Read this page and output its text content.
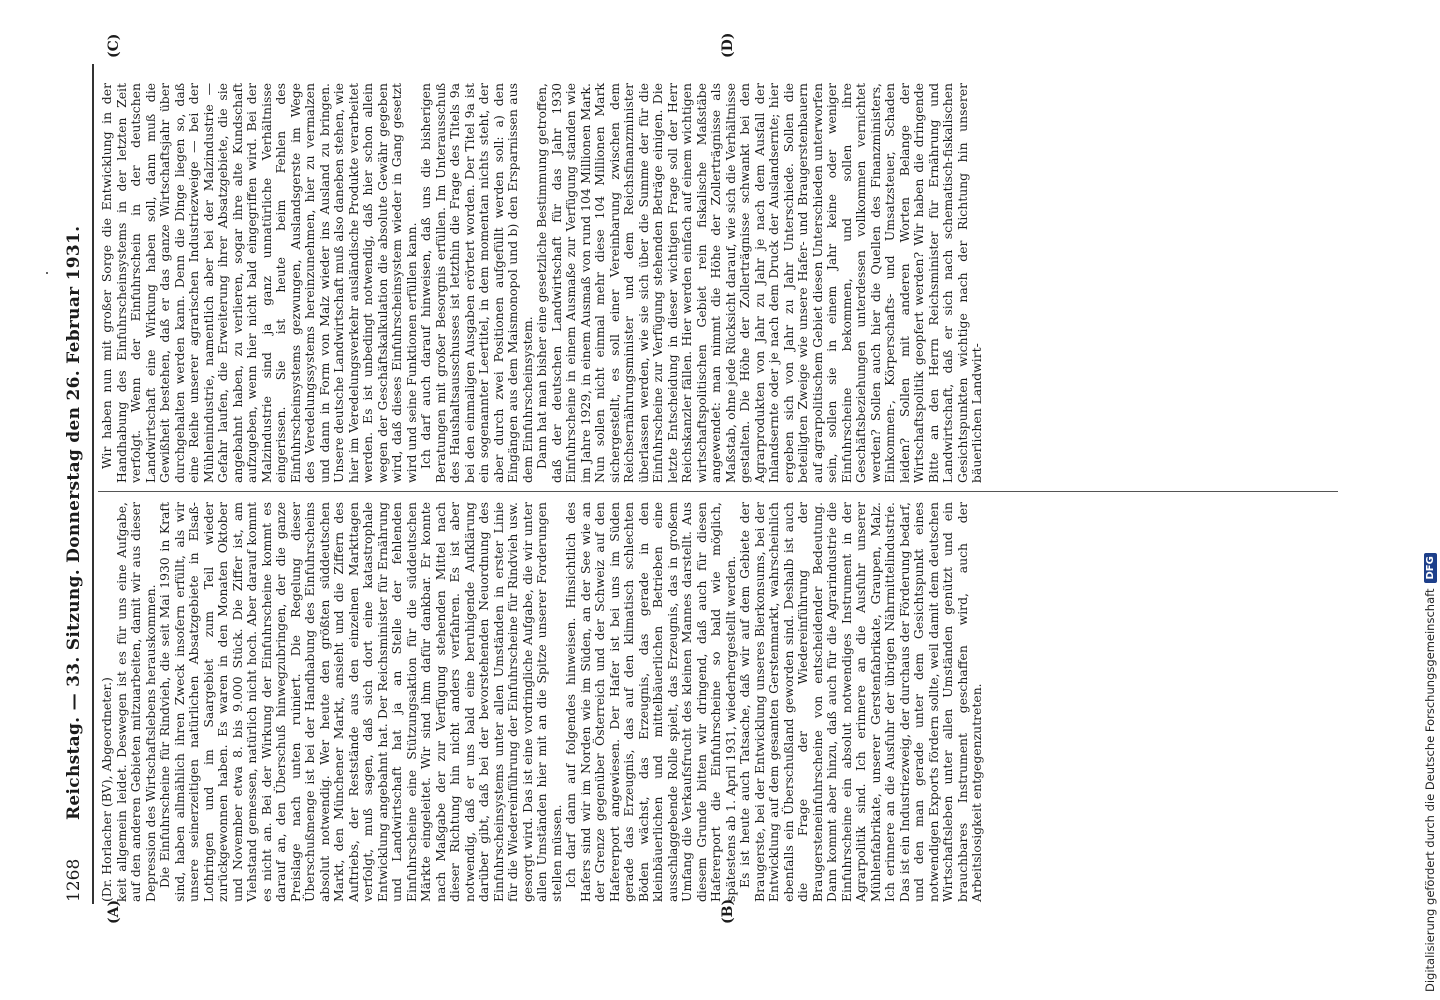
1268
Reichstag. — 33. Sitzung. Donnerstag den 26. Februar 1931.
(A)	(B)
(C)	(D)

(Dr. Horlacher (BV), Abgeordneter.) keit allgemein leidet. Deswegen ist es für uns eine Aufgabe, auf den anderen Gebieten mitzuarbeiten, damit wir aus dieser Depression des Wirtschaftslebens herauskommen. Die Einfuhrscheine für Rindvieh, die seit Mai 1930 in Kraft sind, haben allmählich ihren Zweck insofern erfüllt, als wir unsere seinerzeitigen natürlichen Absatzgebiete in Elsaß-Lothringen und im Saargebiet zum Teil wieder zurückgewonnen haben. Es waren in den Monaten Oktober und November etwa 8. bis 9.000 Stück. Die Ziffer ist, am Viehstand gemessen, natürlich nicht hoch. Aber darauf kommt es nicht an. Bei der Wirkung der Einfuhrscheine kommt es darauf an, den Überschuß hinwegzubringen, der die ganze Preislage nach unten ruiniert. Die Regelung dieser Überschußmenge ist bei der Handhabung des Einfuhrscheins absolut notwendig. Wer heute den größten süddeutschen Markt, den Münchener Markt, ansieht und die Ziffern des Auftriebs, der Reststände aus den einzelnen Markttagen verfolgt, muß sagen, daß sich dort eine katastrophale Entwicklung angebahnt hat. Der Reichsminister für Ernährung und Landwirtschaft hat ja an Stelle der fehlenden Einfuhrscheine eine Stützungsaktion für die süddeutschen Märkte eingeleitet. Wir sind ihm dafür dankbar. Er konnte nach Maßgabe der zur Verfügung stehenden Mittel nach dieser Richtung hin nicht anders verfahren. Es ist aber notwendig, daß er uns bald eine beruhigende Aufklärung darüber gibt, daß bei der bevorstehenden Neuordnung des Einfuhrscheinsystems unter allen Umständen in erster Linie für die Wiedereinführung der Einfuhrscheine für Rindvieh usw. gesorgt wird. Das ist eine vordringliche Aufgabe, die wir unter allen Umständen hier mit an die Spitze unserer Forderungen stellen müssen. Ich darf dann auf folgendes hinweisen. Hinsichtlich des Hafers sind wir im Norden wie im Süden, an der See wie an der Grenze gegenüber Österreich und der Schweiz auf den Hafererport angewiesen. Der Hafer ist bei uns im Süden gerade das Erzeugnis, das auf den klimatisch schlechten Böden wächst, das Erzeugnis, das gerade in den kleinbäuerlichen und mittelbäuerlichen Betrieben eine ausschlaggebende Rolle spielt, das Erzeugnis, das in großem Umfang die Verkaufsfrucht des kleinen Mannes darstellt. Aus diesem Grunde bitten wir dringend, daß auch für diesen Hafererport die Einfuhrscheine so bald wie möglich, spätestens ab 1. April 1931, wiederhergestellt werden. Es ist heute auch Tatsache, daß wir auf dem Gebiete der Braugerste, bei der Entwicklung unseres Bierkonsums, bei der Entwicklung auf dem gesamten Gerstenmarkt, wahrscheinlich ebenfalls ein Überschußland geworden sind. Deshalb ist auch die Frage der Wiedereinführung der Braugersteneinfuhrscheine von entscheidender Bedeutung. Dann kommt aber hinzu, daß auch für die Agrarindustrie die Einfuhrscheine ein absolut notwendiges Instrument in der Agrarpolitik sind. Ich erinnere an die Ausfuhr unserer Mühlenfabrikate, unserer Gerstenfabrikate, Graupen, Malz. Ich erinnere an die Ausfuhr der übrigen Nährmittelindustrie. Das ist ein Industriezweig, der durchaus der Förderung bedarf, und den man gerade unter dem Gesichtspunkt eines notwendigen Exports fördern sollte, weil damit dem deutschen Wirtschaftsleben unter allen Umständen genützt und ein brauchbares Instrument geschaffen wird, auch der Arbeitslosigkeit entgegenzutreten.

Wir haben nun mit großer Sorge die Entwicklung in der Handhabung des Einfuhrscheinsystems in der letzten Zeit verfolgt. Wenn der Einfuhrschein in der deutschen Landwirtschaft eine Wirkung haben soll, dann muß die Gewißheit bestehen, daß er das ganze Wirtschaftsjahr über durchgehalten werden kann. Denn die Dinge liegen so, daß eine Reihe unserer agrarischen Industriezweige — bei der Mühlenindustrie, namentlich aber bei der Malzindustrie — Gefahr laufen, die Erweiterung ihrer Absatzgebiete, die sie angebahnt haben, zu verlieren, sogar ihre alte Kundschaft aufzugeben, wenn hier nicht bald eingegriffen wird. Bei der Malzindustrie sind ja ganz unnatürliche Verhältnisse eingerissen. Sie ist heute beim Fehlen des Einfuhrscheinsystems gezwungen, Auslandsgerste im Wege des Veredelungssystems hereinzunehmen, hier zu vermalzen und dann in Form von Malz wieder ins Ausland zu bringen. Unsere deutsche Landwirtschaft muß also daneben stehen, wie hier im Veredelungsverkehr ausländische Produkte verarbeitet werden. Es ist unbedingt notwendig, daß hier schon allein wegen der Geschäftskalkulation die absolute Gewähr gegeben wird, daß dieses Einfuhrscheinsystem wieder in Gang gesetzt wird und seine Funktionen erfüllen kann. Ich darf auch darauf hinweisen, daß uns die bisherigen Beratungen mit großer Besorgnis erfüllen. Im Unterausschuß des Haushaltsausschusses ist letzthin die Frage des Titels 9a bei den einmaligen Ausgaben erörtert worden. Der Titel 9a ist ein sogenannter Leertitel, in dem momentan nichts steht, der aber durch zwei Positionen aufgefüllt werden soll: a) den Eingängen aus dem Maismonopol und b) den Ersparnissen aus dem Einfuhrscheinsystem. Dann hat man bisher eine gesetzliche Bestimmung getroffen, daß der deutschen Landwirtschaft für das Jahr 1930 Einfuhrscheine in einem Ausmaße zur Verfügung standen wie im Jahre 1929, in einem Ausmaß von rund 104 Millionen Mark. Nun sollen nicht einmal mehr diese 104 Millionen Mark sichergestellt, es soll einer Vereinbarung zwischen dem Reichsernährungsminister und dem Reichsfinanzminister überlassen werden, wie sie sich über die Summe der für die Einfuhrscheine zur Verfügung stehenden Beträge einigen. Die letzte Entscheidung in dieser wichtigen Frage soll der Herr Reichskanzler fällen. Hier werden einfach auf einem wichtigen wirtschaftspolitischen Gebiet rein fiskalische Maßstäbe angewendet: man nimmt die Höhe der Zollerträgnisse als Maßstab, ohne jede Rücksicht darauf, wie sich die Verhältnisse gestalten. Die Höhe der Zollerträgnisse schwankt bei den Agrarprodukten von Jahr zu Jahr je nach dem Ausfall der Inlandsernte oder je nach dem Druck der Auslandsernte; hier ergeben sich von Jahr zu Jahr Unterschiede. Sollen die beteiligten Zweige wie unsere Hafer- und Braugerstenbauern auf agrarpolitischem Gebiet diesen Unterschieden unterworfen sein, sollen sie in einem Jahr keine oder weniger Einfuhrscheine bekommen, und sollen ihre Geschäftsbeziehungen unterdessen vollkommen vernichtet werden? Sollen auch hier die Quellen des Finanzministers, Einkommen-, Körperschafts- und Umsatzsteuer, Schaden leiden? Sollen mit anderen Worten Belange der Wirtschaftspolitik geopfert werden? Wir haben die dringende Bitte an den Herrn Reichsminister für Ernährung und Landwirtschaft, daß er sich nach schematisch-fiskalischen Gesichtspunkten wichtige nach der Richtung hin unserer bäuerlichen Landwirt-

Digitalisierung gefördert durch die Deutsche Forschungsgemeinschaft
DFG
